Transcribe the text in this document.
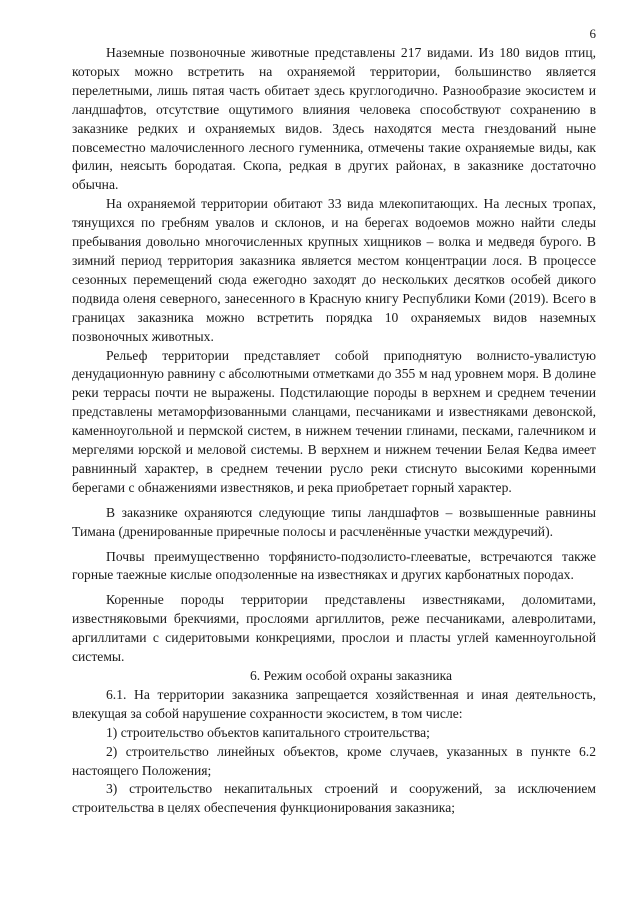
6

Наземные позвоночные животные представлены 217 видами. Из 180 видов птиц, которых можно встретить на охраняемой территории, большинство является перелетными, лишь пятая часть обитает здесь круглогодично. Разнообразие экосистем и ландшафтов, отсутствие ощутимого влияния человека способствуют сохранению в заказнике редких и охраняемых видов. Здесь находятся места гнездований ныне повсеместно малочисленного лесного гуменника, отмечены такие охраняемые виды, как филин, неясыть бородатая. Скопа, редкая в других районах, в заказнике достаточно обычна.

На охраняемой территории обитают 33 вида млекопитающих. На лесных тропах, тянущихся по гребням увалов и склонов, и на берегах водоемов можно найти следы пребывания довольно многочисленных крупных хищников – волка и медведя бурого. В зимний период территория заказника является местом концентрации лося. В процессе сезонных перемещений сюда ежегодно заходят до нескольких десятков особей дикого подвида оленя северного, занесенного в Красную книгу Республики Коми (2019). Всего в границах заказника можно встретить порядка 10 охраняемых видов наземных позвоночных животных.

Рельеф территории представляет собой приподнятую волнисто-увалистую денудационную равнину с абсолютными отметками до 355 м над уровнем моря. В долине реки террасы почти не выражены. Подстилающие породы в верхнем и среднем течении представлены метаморфизованными сланцами, песчаниками и известняками девонской, каменноугольной и пермской систем, в нижнем течении глинами, песками, галечником и мергелями юрской и меловой системы. В верхнем и нижнем течении Белая Кедва имеет равнинный характер, в среднем течении русло реки стиснуто высокими коренными берегами с обнажениями известняков, и река приобретает горный характер.

В заказнике охраняются следующие типы ландшафтов – возвышенные равнины Тимана (дренированные приречные полосы и расчленённые участки междуречий).

Почвы преимущественно торфянисто-подзолисто-глееватые, встречаются также горные таежные кислые оподзоленные на известняках и других карбонатных породах.

Коренные породы территории представлены известняками, доломитами, известняковыми брекчиями, прослоями аргиллитов, реже песчаниками, алевролитами, аргиллитами с сидеритовыми конкрециями, прослои и пласты углей каменноугольной системы.

6. Режим особой охраны заказника

6.1. На территории заказника запрещается хозяйственная и иная деятельность, влекущая за собой нарушение сохранности экосистем, в том числе:

1) строительство объектов капитального строительства;

2) строительство линейных объектов, кроме случаев, указанных в пункте 6.2 настоящего Положения;

3) строительство некапитальных строений и сооружений, за исключением строительства в целях обеспечения функционирования заказника;
